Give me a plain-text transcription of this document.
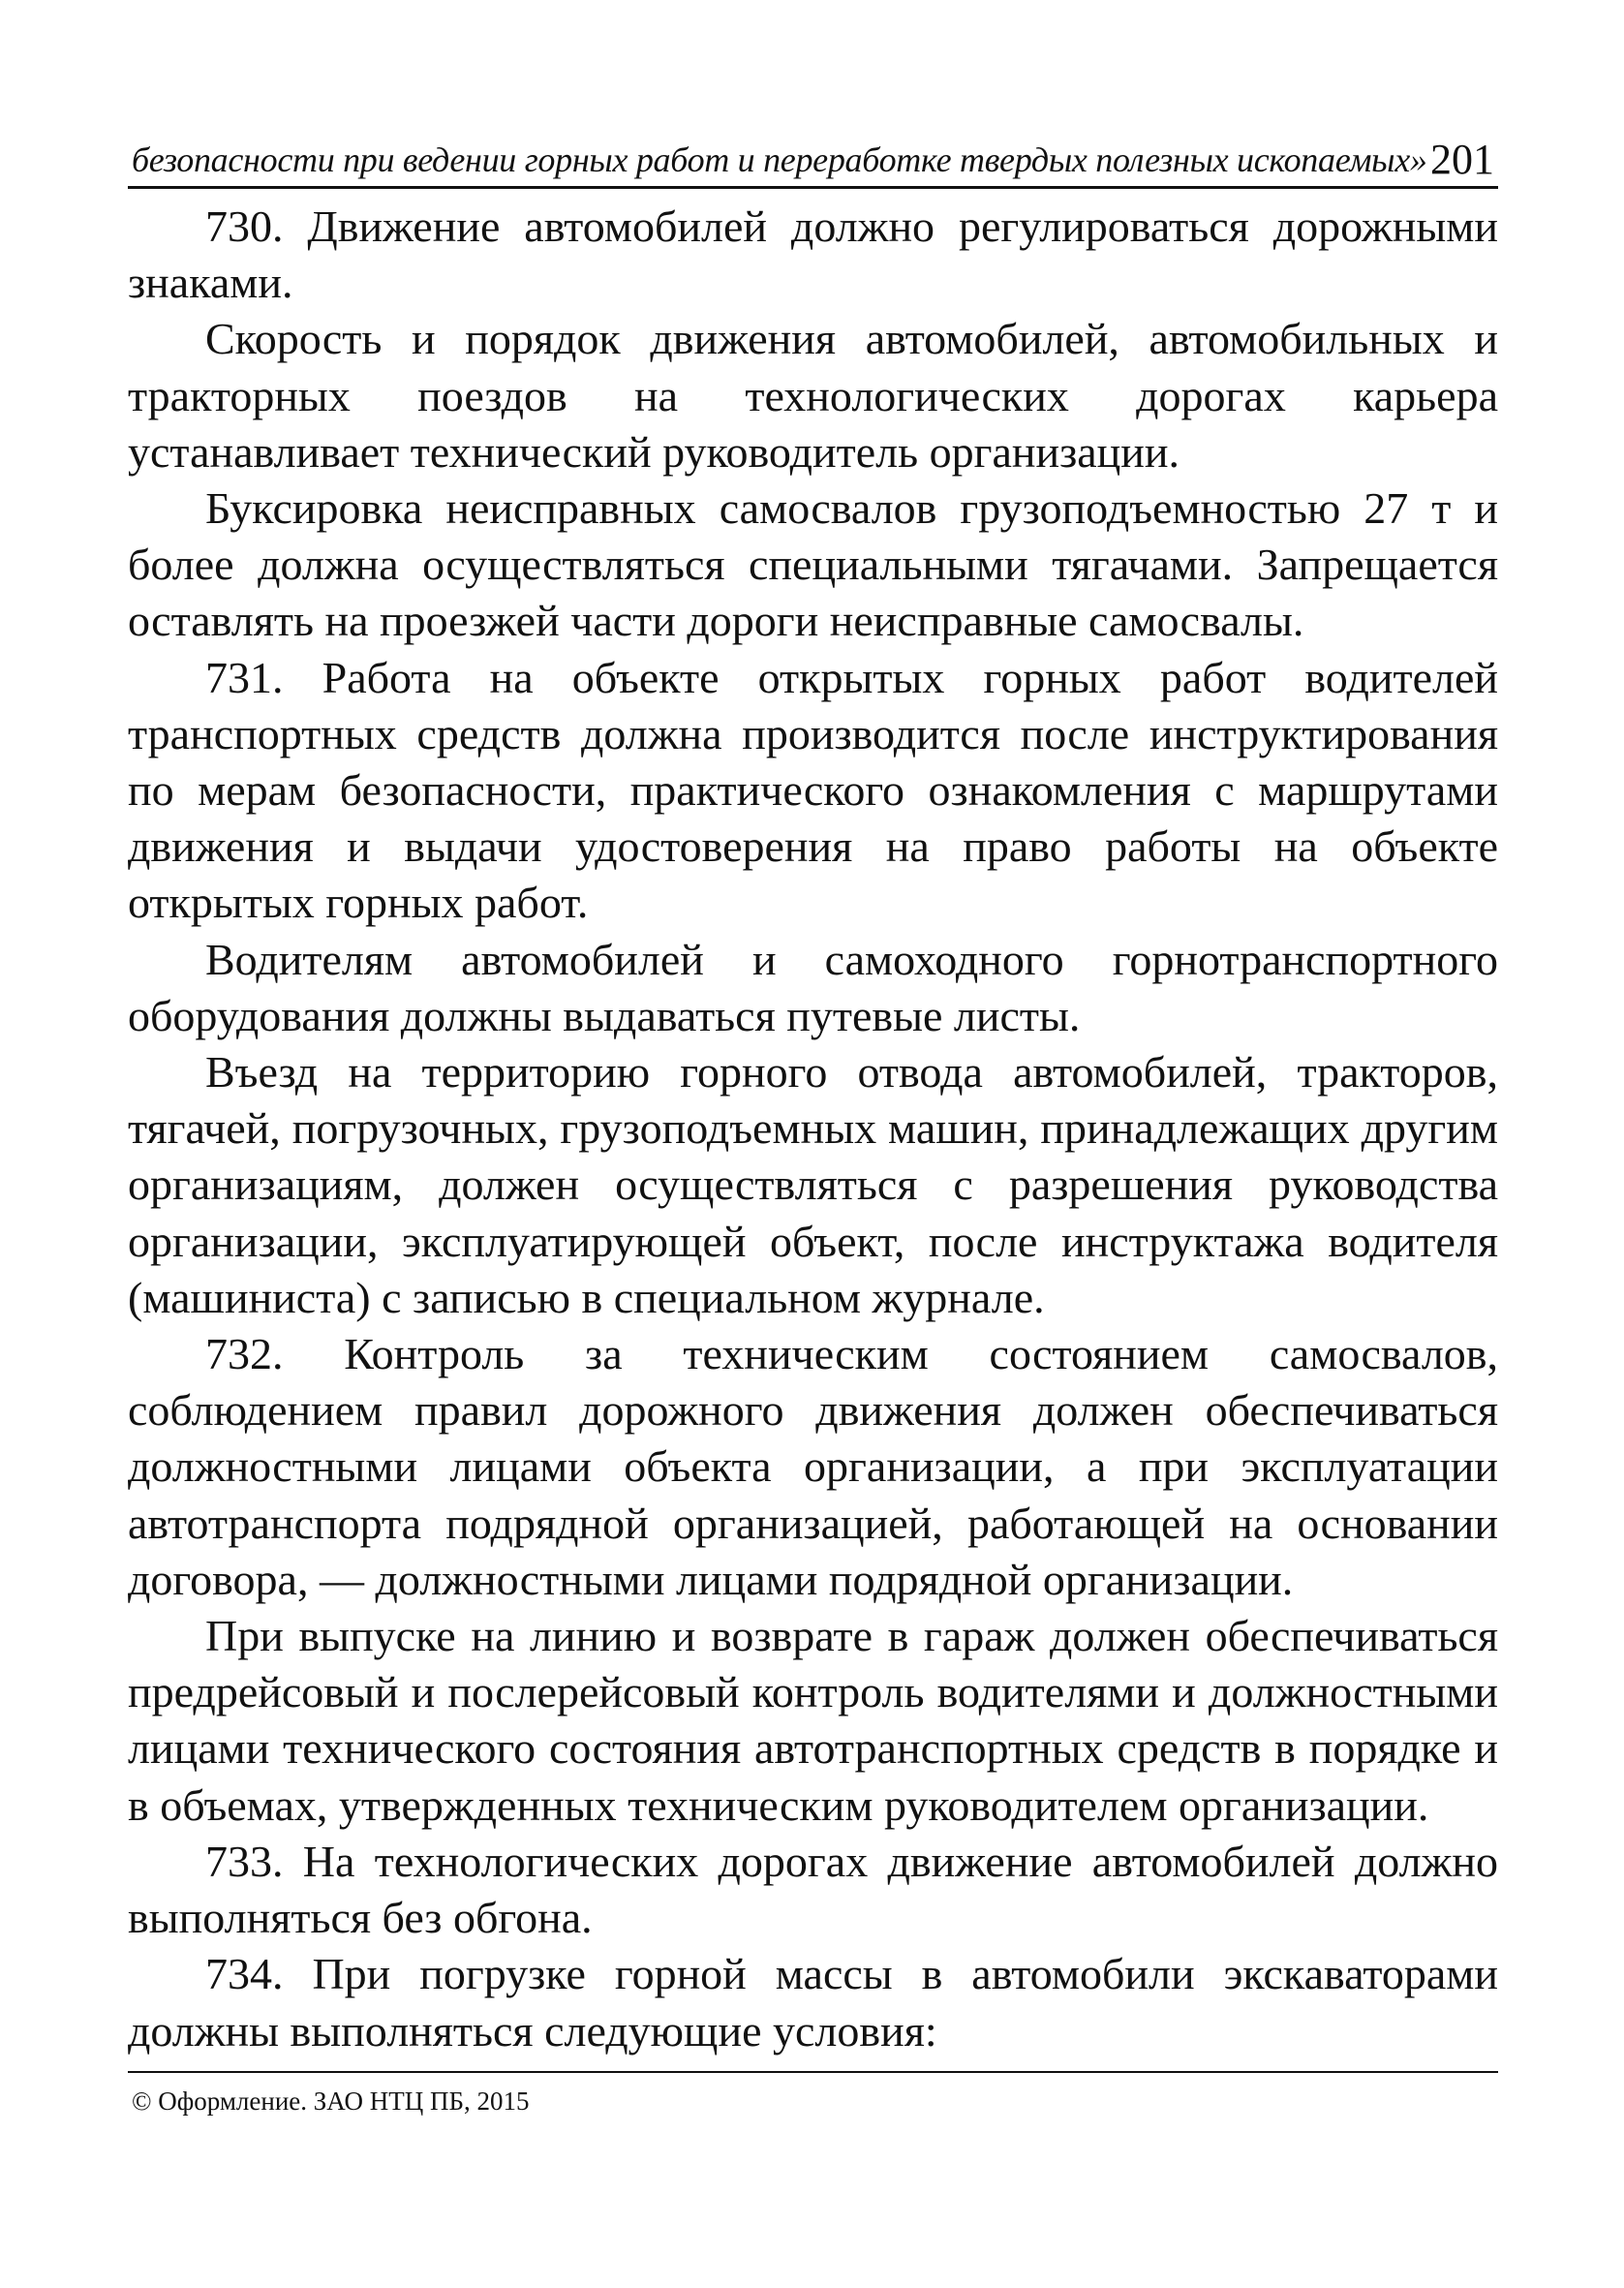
безопасности при ведении горных работ и переработке твердых полезных ископаемых» 201

730. Движение автомобилей должно регулироваться дорожными знаками.

Скорость и порядок движения автомобилей, автомобильных и тракторных поездов на технологических дорогах карьера устанавливает технический руководитель организации.

Буксировка неисправных самосвалов грузоподъемностью 27 т и более должна осуществляться специальными тягачами. Запрещается оставлять на проезжей части дороги неисправные самосвалы.

731. Работа на объекте открытых горных работ водителей транспортных средств должна производится после инструктирования по мерам безопасности, практического ознакомления с маршрутами движения и выдачи удостоверения на право работы на объекте открытых горных работ.

Водителям автомобилей и самоходного горнотранспортного оборудования должны выдаваться путевые листы.

Въезд на территорию горного отвода автомобилей, тракторов, тягачей, погрузочных, грузоподъемных машин, принадлежащих другим организациям, должен осуществляться с разрешения руководства организации, эксплуатирующей объект, после инструктажа водителя (машиниста) с записью в специальном журнале.

732. Контроль за техническим состоянием самосвалов, соблюдением правил дорожного движения должен обеспечиваться должностными лицами объекта организации, а при эксплуатации автотранспорта подрядной организацией, работающей на основании договора, — должностными лицами подрядной организации.

При выпуске на линию и возврате в гараж должен обеспечиваться предрейсовый и послерейсовый контроль водителями и должностными лицами технического состояния автотранспортных средств в порядке и в объемах, утвержденных техническим руководителем организации.

733. На технологических дорогах движение автомобилей должно выполняться без обгона.

734. При погрузке горной массы в автомобили экскаваторами должны выполняться следующие условия:

© Оформление. ЗАО НТЦ ПБ, 2015
